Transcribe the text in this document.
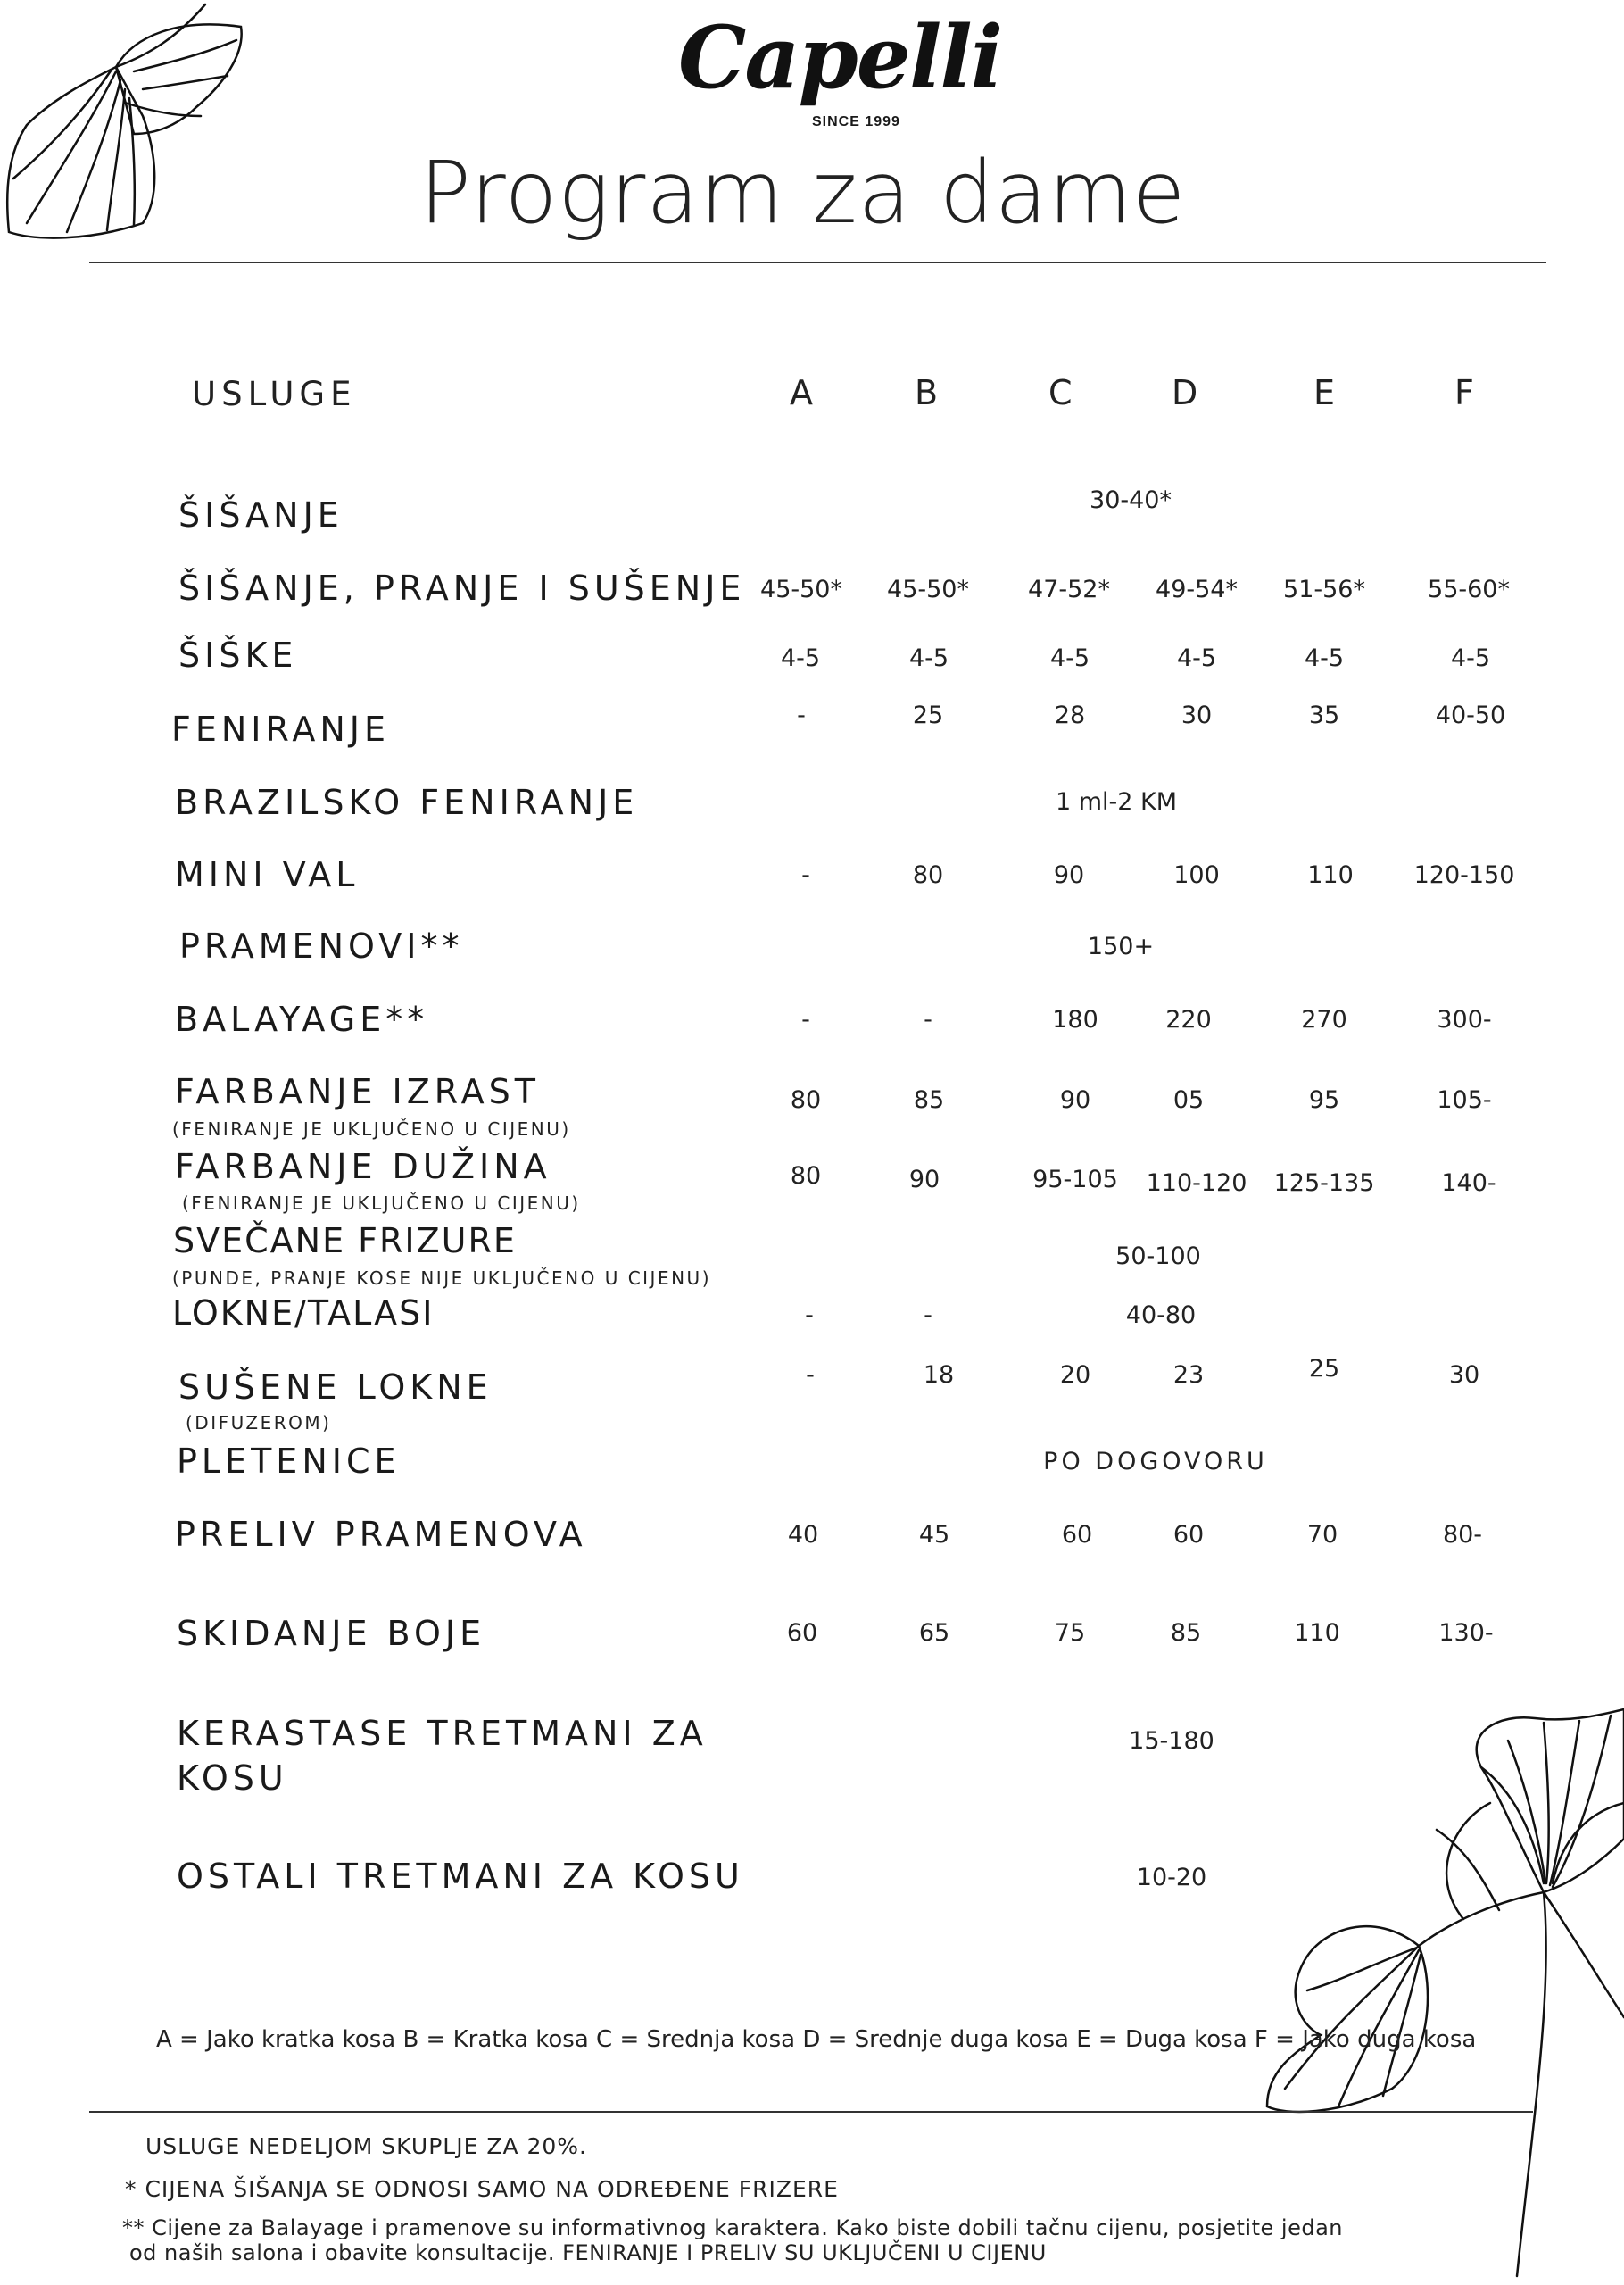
Capelli
SINCE 1999
Program za dame
USLUGE	A	B	C	D	E	F
ŠIŠANJE	30-40*
ŠIŠANJE, PRANJE I SUŠENJE 45-50* 45-50* 47-52* 49-54* 51-56*	55-60*
ŠIŠKE	4-5	4-5	4-5	4-5	4-5	4-5
FENIRANJE	-	25	28	30	35	40-50
BRAZILSKO FENIRANJE	1 ml-2 KM
MINI VAL	-	80	90	100	110	120-150
PRAMENOVI**	150+
BALAYAGE**	-	-	180	220	270	300-
FARBANJE IZRAST
(FENIRANJE JE UKLJUČENO U CIJENU)
80	85	90	05	95	105-
FARBANJE DUŽINA
(FENIRANJE JE UKLJUČENO U CIJENU)
80	90	95-105 110-120 125-135	140-
SVEČANE FRIZURE
(PUNDE, PRANJE KOSE NIJE UKLJUČENO U CIJENU)
50-100
LOKNE/TALASI	-	-	40-80
SUŠENE LOKNE
(DIFUZEROM)
-	18	20	23	25	30
PLETENICE	PO DOGOVORU
PRELIV PRAMENOVA	40	45	60	60	70	80-
SKIDANJE BOJE	60	65	75	85	110	130-
KERASTASE TRETMANI ZA
KOSU
15-180
OSTALI TRETMANI ZA KOSU	10-20
A = Jako kratka kosa B = Kratka kosa C = Srednja kosa D = Srednje duga kosa E = Duga kosa F = Jako duga kosa
USLUGE NEDELJOM SKUPLJE ZA 20%.
* CIJENA ŠIŠANJA SE ODNOSI SAMO NA ODREĐENE FRIZERE
** Cijene za Balayage i pramenove su informativnog karaktera. Kako biste dobili tačnu cijenu, posjetite jedan
od naših salona i obavite konsultacije. FENIRANJE I PRELIV SU UKLJUČENI U CIJENU
